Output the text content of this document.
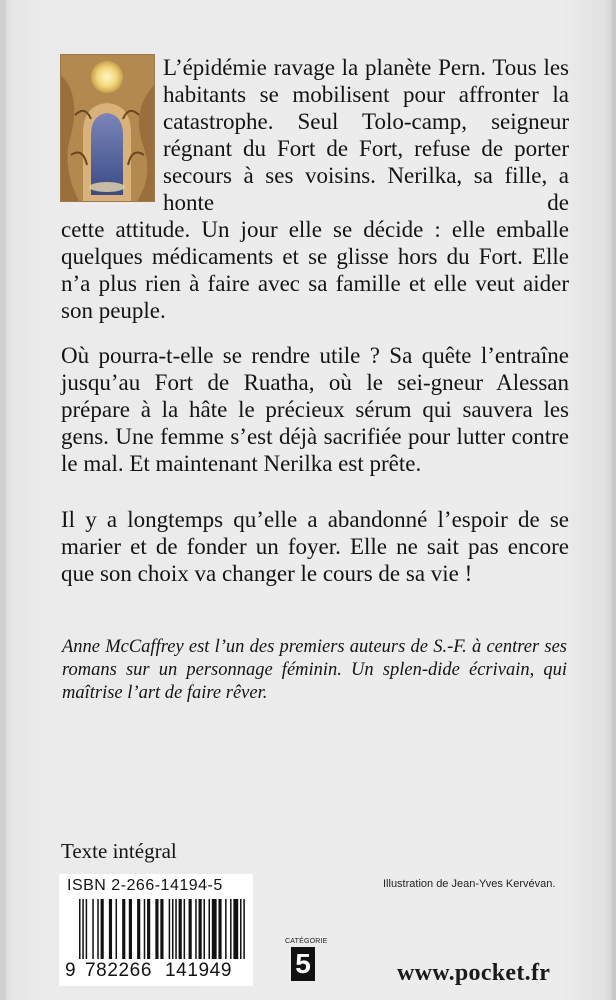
L’épidémie ravage la planète Pern. Tous les habitants se mobilisent pour affronter la catastrophe. Seul Tolo-camp, seigneur régnant du Fort de Fort, refuse de porter secours à ses voisins. Nerilka, sa fille, a honte de

cette attitude. Un jour elle se décide : elle emballe quelques médicaments et se glisse hors du Fort. Elle n’a plus rien à faire avec sa famille et elle veut aider son peuple.

Où pourra-t-elle se rendre utile ? Sa quête l’entraîne jusqu’au Fort de Ruatha, où le sei-gneur Alessan prépare à la hâte le précieux sérum qui sauvera les gens. Une femme s’est déjà sacrifiée pour lutter contre le mal. Et maintenant Nerilka est prête.

Il y a longtemps qu’elle a abandonné l’espoir de se marier et de fonder un foyer. Elle ne sait pas encore que son choix va changer le cours de sa vie !

Anne McCaffrey est l’un des premiers auteurs de S.-F. à centrer ses romans sur un personnage féminin. Un splen-dide écrivain, qui maîtrise l’art de faire rêver.

Texte intégral
ISBN 2-266-14194-5
9 782266 141949
CATÉGORIE
5
Illustration de Jean-Yves Kervévan.
www.pocket.fr
